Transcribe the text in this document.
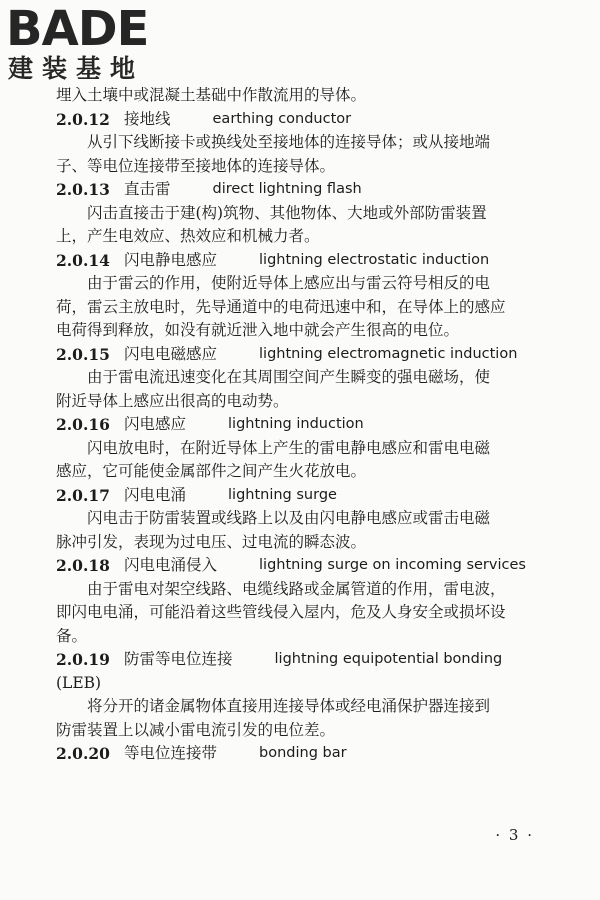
BADE
建装基地
埋入土壤中或混凝土基础中作散流用的导体。
2.0.12 接地线	earthing conductor
从引下线断接卡或换线处至接地体的连接导体；或从接地端
子、等电位连接带至接地体的连接导体。
2.0.13 直击雷	direct lightning flash
闪击直接击于建(构)筑物、其他物体、大地或外部防雷装置
上，产生电效应、热效应和机械力者。
2.0.14 闪电静电感应	lightning electrostatic induction
由于雷云的作用，使附近导体上感应出与雷云符号相反的电
荷，雷云主放电时，先导通道中的电荷迅速中和，在导体上的感应
电荷得到释放，如没有就近泄入地中就会产生很高的电位。
2.0.15 闪电电磁感应	lightning electromagnetic induction
由于雷电流迅速变化在其周围空间产生瞬变的强电磁场，使
附近导体上感应出很高的电动势。
2.0.16 闪电感应	lightning induction
闪电放电时，在附近导体上产生的雷电静电感应和雷电电磁
感应，它可能使金属部件之间产生火花放电。
2.0.17 闪电电涌	lightning surge
闪电击于防雷装置或线路上以及由闪电静电感应或雷击电磁
脉冲引发，表现为过电压、过电流的瞬态波。
2.0.18 闪电电涌侵入	lightning surge on incoming services
由于雷电对架空线路、电缆线路或金属管道的作用，雷电波，
即闪电电涌，可能沿着这些管线侵入屋内，危及人身安全或损坏设
备。
2.0.19 防雷等电位连接	lightning equipotential bonding
(LEB)
将分开的诸金属物体直接用连接导体或经电涌保护器连接到
防雷装置上以减小雷电流引发的电位差。
2.0.20 等电位连接带	bonding bar
· 3 ·
